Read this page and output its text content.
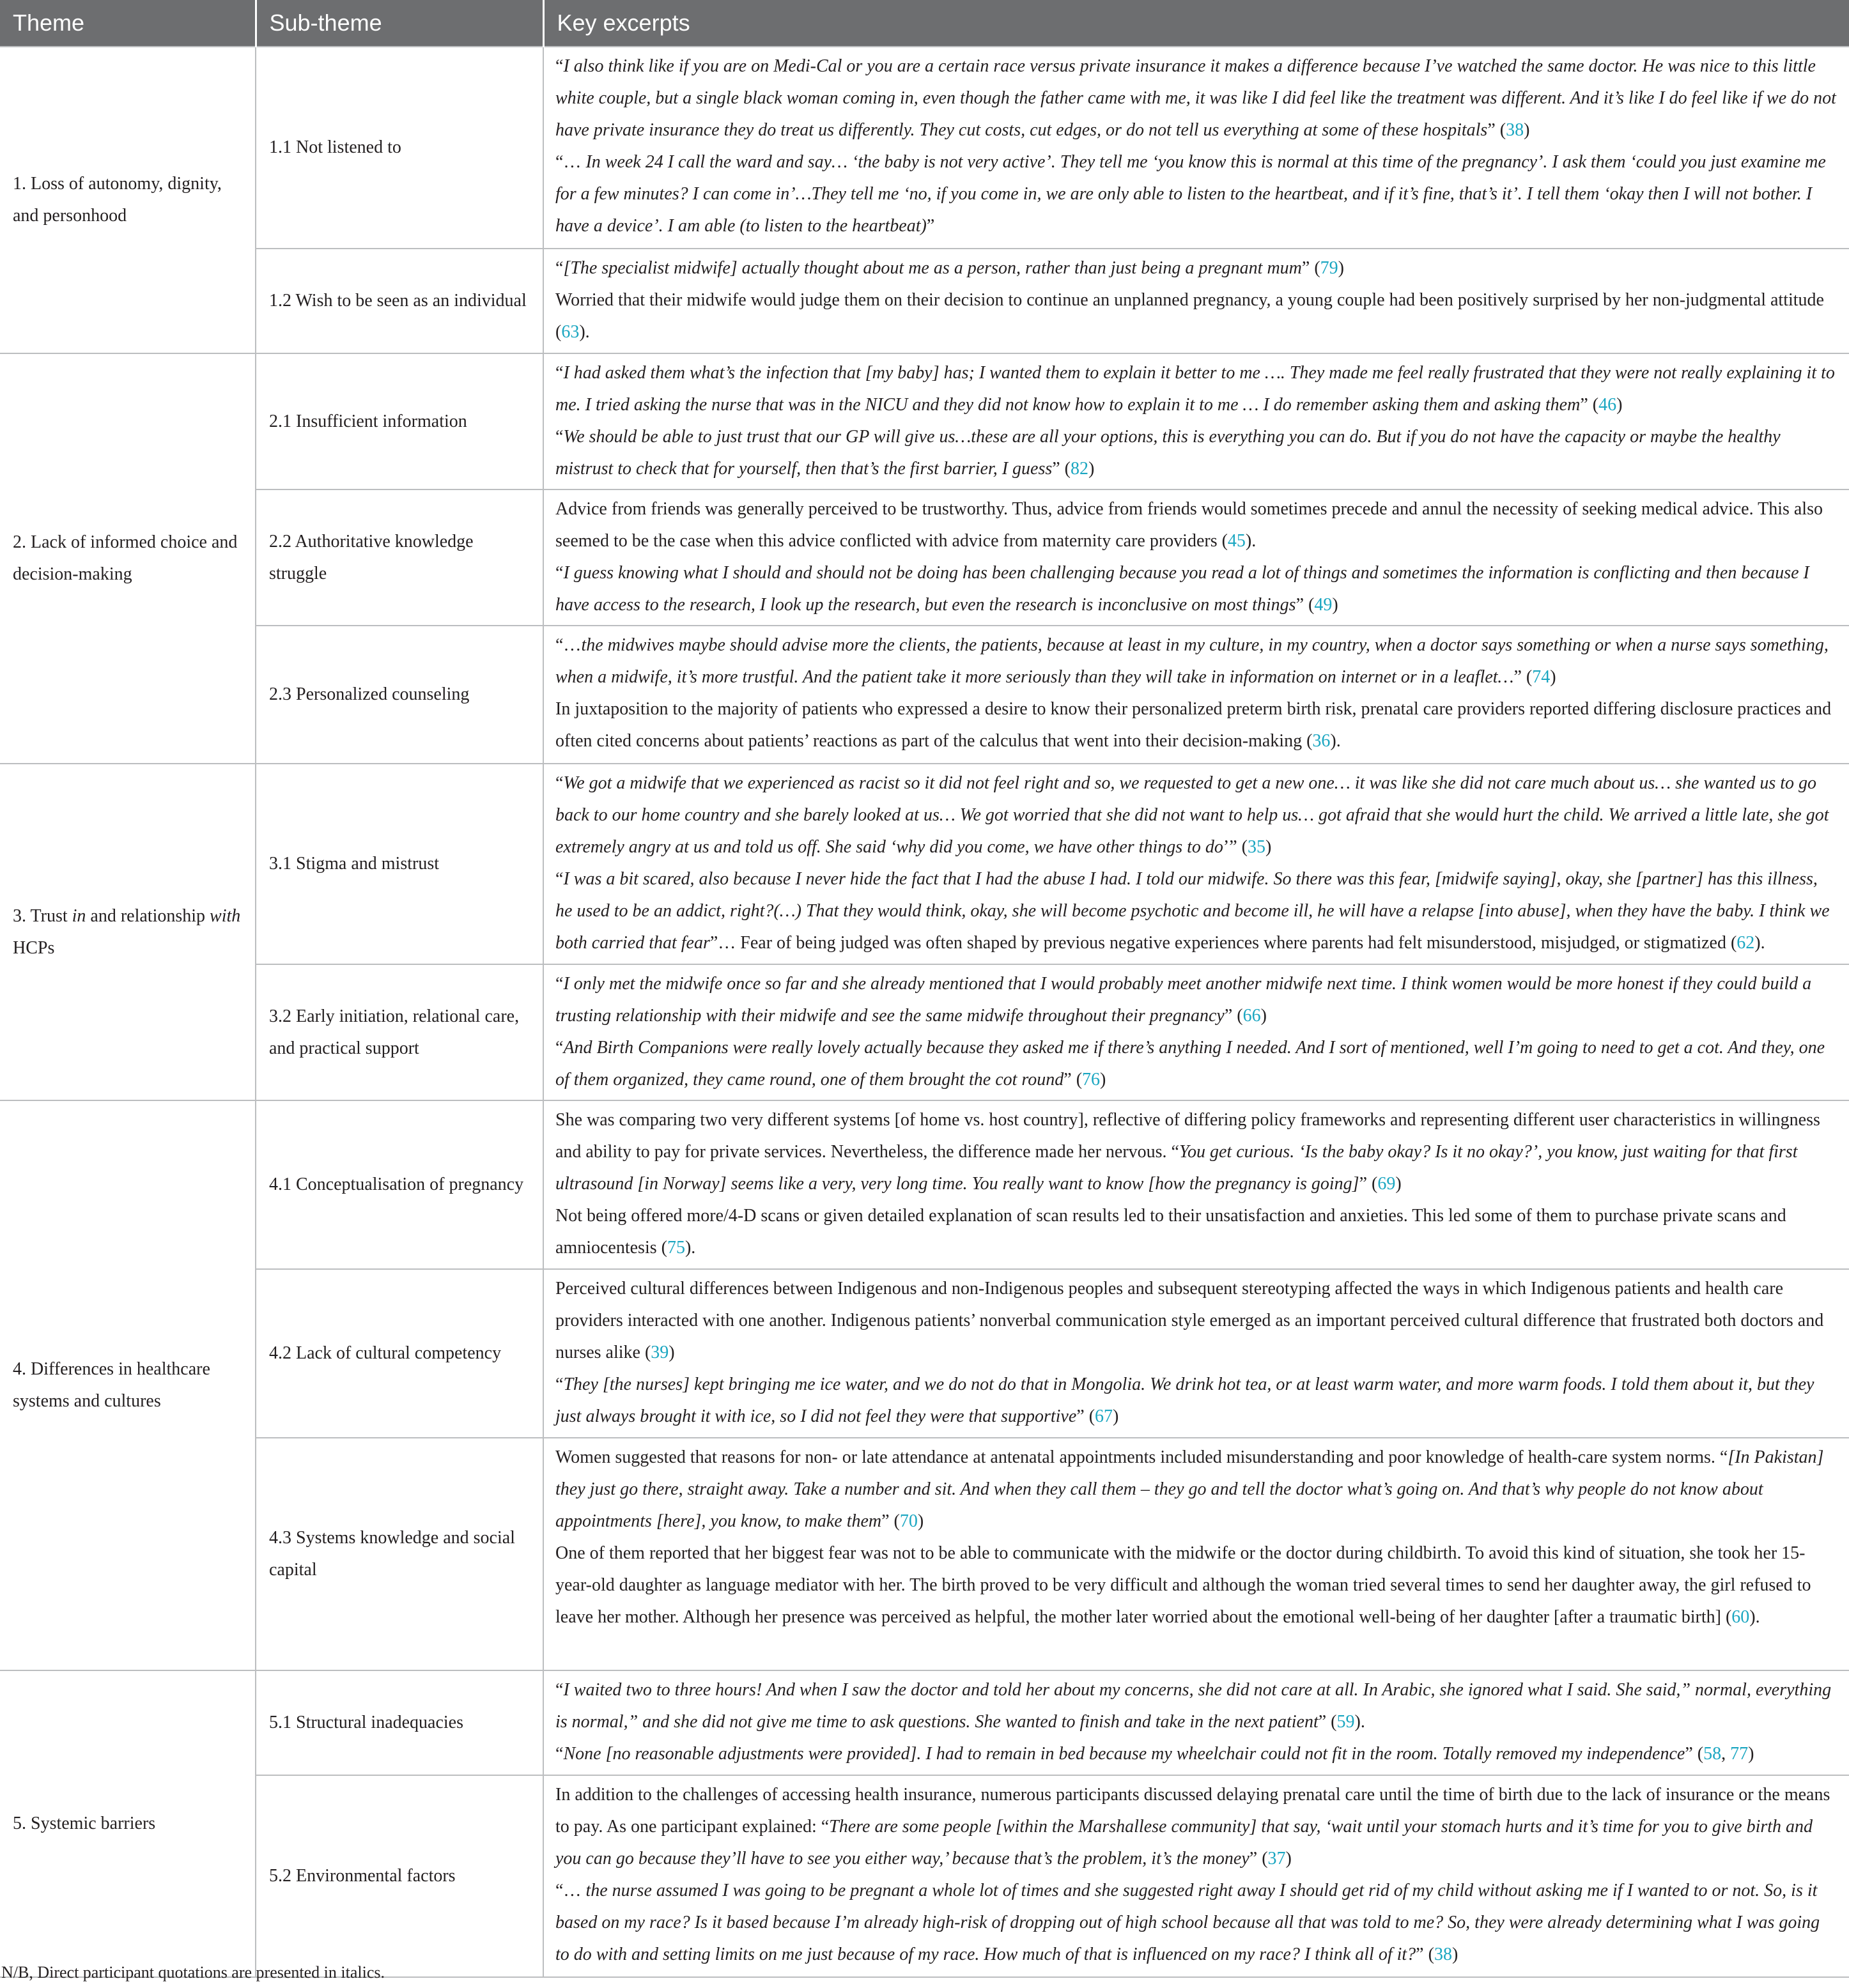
Theme	Sub-theme	Key excerpts
1. Loss of autonomy, dignity, and personhood	1.1 Not listened to	“I also think like if you are on Medi-Cal or you are a certain race versus private insurance it makes a difference because I’ve watched the same doctor. He was nice to this little white couple, but a single black woman coming in, even though the father came with me, it was like I did feel like the treatment was different. And it’s like I do feel like if we do not have private insurance they do treat us differently. They cut costs, cut edges, or do not tell us everything at some of these hospitals” (38)
“… In week 24 I call the ward and say… ‘the baby is not very active’. They tell me ‘you know this is normal at this time of the pregnancy’. I ask them ‘could you just examine me for a few minutes? I can come in’…They tell me ‘no, if you come in, we are only able to listen to the heartbeat, and if it’s fine, that’s it’. I tell them ‘okay then I will not bother. I have a device’. I am able (to listen to the heartbeat)”

	1.2 Wish to be seen as an individual	“[The specialist midwife] actually thought about me as a person, rather than just being a pregnant mum” (79)
Worried that their midwife would judge them on their decision to continue an unplanned pregnancy, a young couple had been positively surprised by her non-judgmental attitude (63).

2. Lack of informed choice and decision-making	2.1 Insufficient information	“I had asked them what’s the infection that [my baby] has; I wanted them to explain it better to me …. They made me feel really frustrated that they were not really explaining it to me. I tried asking the nurse that was in the NICU and they did not know how to explain it to me … I do remember asking them and asking them” (46)
“We should be able to just trust that our GP will give us…these are all your options, this is everything you can do. But if you do not have the capacity or maybe the healthy mistrust to check that for yourself, then that’s the first barrier, I guess” (82)

	2.2 Authoritative knowledge struggle	Advice from friends was generally perceived to be trustworthy. Thus, advice from friends would sometimes precede and annul the necessity of seeking medical advice. This also seemed to be the case when this advice conflicted with advice from maternity care providers (45).
“I guess knowing what I should and should not be doing has been challenging because you read a lot of things and sometimes the information is conflicting and then because I have access to the research, I look up the research, but even the research is inconclusive on most things” (49)

	2.3 Personalized counseling	“…the midwives maybe should advise more the clients, the patients, because at least in my culture, in my country, when a doctor says something or when a nurse says something, when a midwife, it’s more trustful. And the patient take it more seriously than they will take in information on internet or in a leaflet…” (74)
In juxtaposition to the majority of patients who expressed a desire to know their personalized preterm birth risk, prenatal care providers reported differing disclosure practices and often cited concerns about patients’ reactions as part of the calculus that went into their decision-making (36).

3. Trust in and relationship with HCPs	3.1 Stigma and mistrust	“We got a midwife that we experienced as racist so it did not feel right and so, we requested to get a new one… it was like she did not care much about us… she wanted us to go back to our home country and she barely looked at us… We got worried that she did not want to help us… got afraid that she would hurt the child. We arrived a little late, she got extremely angry at us and told us off. She said ‘why did you come, we have other things to do’” (35)
“I was a bit scared, also because I never hide the fact that I had the abuse I had. I told our midwife. So there was this fear, [midwife saying], okay, she [partner] has this illness, he used to be an addict, right?(…) That they would think, okay, she will become psychotic and become ill, he will have a relapse [into abuse], when they have the baby. I think we both carried that fear”… Fear of being judged was often shaped by previous negative experiences where parents had felt misunderstood, misjudged, or stigmatized (62).

	3.2 Early initiation, relational care, and practical support	“I only met the midwife once so far and she already mentioned that I would probably meet another midwife next time. I think women would be more honest if they could build a trusting relationship with their midwife and see the same midwife throughout their pregnancy” (66)
“And Birth Companions were really lovely actually because they asked me if there’s anything I needed. And I sort of mentioned, well I’m going to need to get a cot. And they, one of them organized, they came round, one of them brought the cot round” (76)

4. Differences in healthcare systems and cultures	4.1 Conceptualisation of pregnancy	She was comparing two very different systems [of home vs. host country], reflective of differing policy frameworks and representing different user characteristics in willingness and ability to pay for private services. Nevertheless, the difference made her nervous. “You get curious. ‘Is the baby okay? Is it no okay?’, you know, just waiting for that first ultrasound [in Norway] seems like a very, very long time. You really want to know [how the pregnancy is going]” (69)
Not being offered more/4-D scans or given detailed explanation of scan results led to their unsatisfaction and anxieties. This led some of them to purchase private scans and amniocentesis (75).

	4.2 Lack of cultural competency	Perceived cultural differences between Indigenous and non-Indigenous peoples and subsequent stereotyping affected the ways in which Indigenous patients and health care providers interacted with one another. Indigenous patients’ nonverbal communication style emerged as an important perceived cultural difference that frustrated both doctors and nurses alike (39)
“They [the nurses] kept bringing me ice water, and we do not do that in Mongolia. We drink hot tea, or at least warm water, and more warm foods. I told them about it, but they just always brought it with ice, so I did not feel they were that supportive” (67)

	4.3 Systems knowledge and social capital	Women suggested that reasons for non- or late attendance at antenatal appointments included misunderstanding and poor knowledge of health-care system norms. “[In Pakistan] they just go there, straight away. Take a number and sit. And when they call them – they go and tell the doctor what’s going on. And that’s why people do not know about appointments [here], you know, to make them” (70)
One of them reported that her biggest fear was not to be able to communicate with the midwife or the doctor during childbirth. To avoid this kind of situation, she took her 15-year-old daughter as language mediator with her. The birth proved to be very difficult and although the woman tried several times to send her daughter away, the girl refused to leave her mother. Although her presence was perceived as helpful, the mother later worried about the emotional well-being of her daughter [after a traumatic birth] (60).

5. Systemic barriers	5.1 Structural inadequacies	“I waited two to three hours! And when I saw the doctor and told her about my concerns, she did not care at all. In Arabic, she ignored what I said. She said,” normal, everything is normal,” and she did not give me time to ask questions. She wanted to finish and take in the next patient” (59).
“None [no reasonable adjustments were provided]. I had to remain in bed because my wheelchair could not fit in the room. Totally removed my independence” (58, 77)

	5.2 Environmental factors	In addition to the challenges of accessing health insurance, numerous participants discussed delaying prenatal care until the time of birth due to the lack of insurance or the means to pay. As one participant explained: “There are some people [within the Marshallese community] that say, ‘wait until your stomach hurts and it’s time for you to give birth and you can go because they’ll have to see you either way,’ because that’s the problem, it’s the money” (37)
“… the nurse assumed I was going to be pregnant a whole lot of times and she suggested right away I should get rid of my child without asking me if I wanted to or not. So, is it based on my race? Is it based because I’m already high-risk of dropping out of high school because all that was told to me? So, they were already determining what I was going to do with and setting limits on me just because of my race. How much of that is influenced on my race? I think all of it?” (38)
N/B, Direct participant quotations are presented in italics.
